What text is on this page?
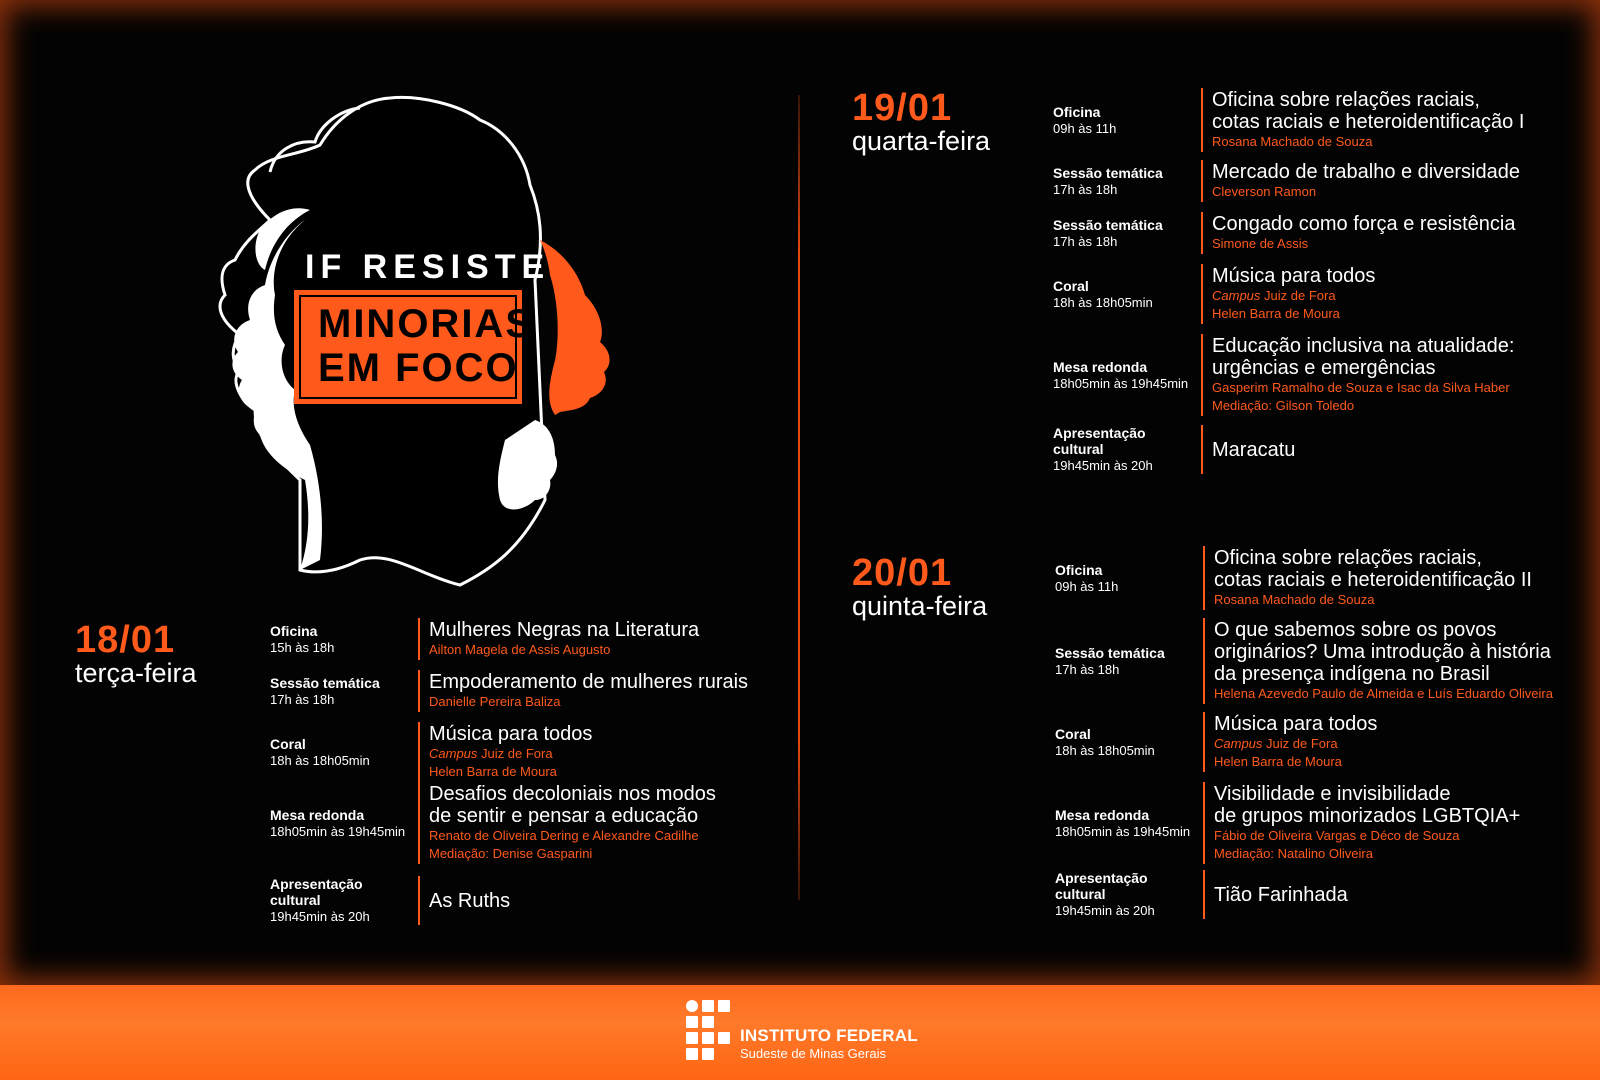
IF RESISTE
MINORIAS
EM FOCO
18/01
terça-feira
19/01
quarta-feira
20/01
quinta-feira
Oficina
15h às 18h
Mulheres Negras na Literatura
Ailton Magela de Assis Augusto
Sessão temática
17h às 18h
Empoderamento de mulheres rurais
Danielle Pereira Baliza
Coral
18h às 18h05min
Música para todos
Campus Juiz de Fora
Helen Barra de Moura
Mesa redonda
18h05min às 19h45min
Desafios decoloniais nos modos
de sentir e pensar a educação
Renato de Oliveira Dering e Alexandre Cadilhe
Mediação: Denise Gasparini
Apresentação cultural
19h45min às 20h
As Ruths
Oficina
09h às 11h
Oficina sobre relações raciais,
cotas raciais e heteroidentificação I
Rosana Machado de Souza
Sessão temática
17h às 18h
Mercado de trabalho e diversidade
Cleverson Ramon
Sessão temática
17h às 18h
Congado como força e resistência
Simone de Assis
Coral
18h às 18h05min
Música para todos
Campus Juiz de Fora
Helen Barra de Moura
Mesa redonda
18h05min às 19h45min
Educação inclusiva na atualidade:
urgências e emergências
Gasperim Ramalho de Souza e Isac da Silva Haber
Mediação: Gilson Toledo
Apresentação cultural
19h45min às 20h
Maracatu
Oficina
09h às 11h
Oficina sobre relações raciais,
cotas raciais e heteroidentificação II
Rosana Machado de Souza
Sessão temática
17h às 18h
O que sabemos sobre os povos
originários? Uma introdução à história
da presença indígena no Brasil
Helena Azevedo Paulo de Almeida e Luís Eduardo Oliveira
Coral
18h às 18h05min
Música para todos
Campus Juiz de Fora
Helen Barra de Moura
Mesa redonda
18h05min às 19h45min
Visibilidade e invisibilidade
de grupos minorizados LGBTQIA+
Fábio de Oliveira Vargas e Déco de Souza
Mediação: Natalino Oliveira
Apresentação cultural
19h45min às 20h
Tião Farinhada
INSTITUTO FEDERAL
Sudeste de Minas Gerais
